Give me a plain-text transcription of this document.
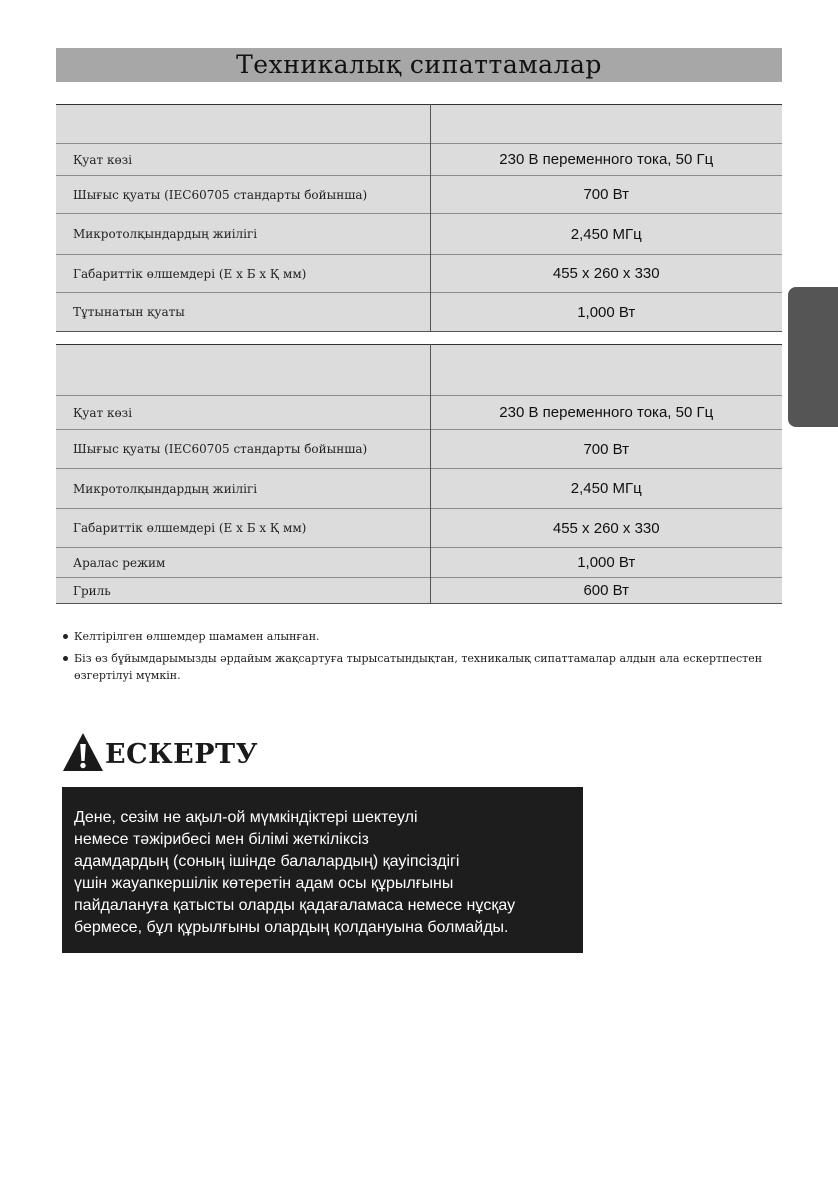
Техникалық сипаттамалар

Қуат көзі	230 В переменного тока, 50 Гц
Шығыс қуаты (IEC60705 стандарты бойынша)	700 Вт
Микротолқындардың жиілігі	2,450 МГц
Габариттік өлшемдері (Е x Б x Қ мм)	455 x 260 x 330
Тұтынатын қуаты	1,000 Вт

Қуат көзі	230 В переменного тока, 50 Гц
Шығыс қуаты (IEC60705 стандарты бойынша)	700 Вт
Микротолқындардың жиілігі	2,450 МГц
Габариттік өлшемдері (Е x Б x Қ мм)	455 x 260 x 330
Аралас режим	1,000 Вт
Гриль	600 Вт
Келтірілген өлшемдер шамамен алынған.
Біз өз бұйымдарымызды әрдайым жақсартуға тырысатындықтан, техникалық сипаттамалар алдын ала ескертпестен өзгертілуі мүмкін.
ЕСКЕРТУ
Дене, сезім не ақыл-ой мүмкіндіктері шектеулі
немесе тәжірибесі мен білімі жеткіліксіз
адамдардың (соның ішінде балалардың) қауіпсіздігі
үшін жауапкершілік көтеретін адам осы құрылғыны
пайдалануға қатысты оларды қадағаламаса немесе нұсқау
бермесе, бұл құрылғыны олардың қолдануына болмайды.
